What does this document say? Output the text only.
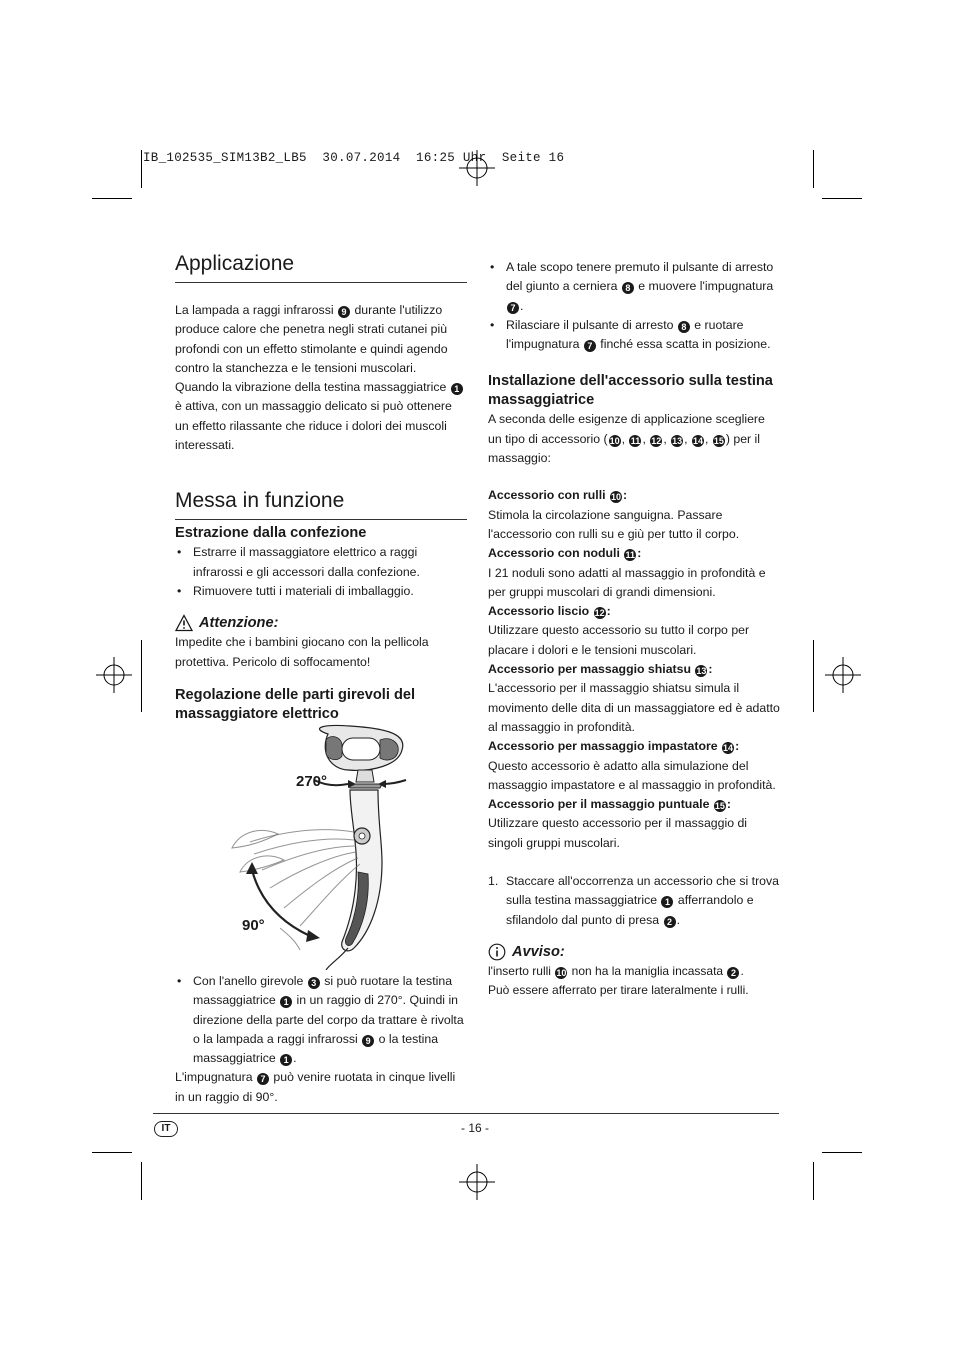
IB_102535_SIM13B2_LB5  30.07.2014  16:25 Uhr  Seite 16
Applicazione

La lampada a raggi infrarossi 9 durante l'utilizzo produce calore che penetra negli strati cutanei più profondi con un effetto stimolante e quindi agendo contro la stanchezza e le tensioni muscolari.

Quando la vibrazione della testina massaggiatrice 1 è attiva, con un massaggio delicato si può ottenere un effetto rilassante che riduce i dolori dei muscoli interessati.

Messa in funzione
Estrazione dalla confezione
• Estrarre il massaggiatore elettrico a raggi infrarossi e gli accessori dalla confezione.
• Rimuovere tutti i materiali di imballaggio.
Attenzione:

Impedite che i bambini giocano con la pellicola protettiva. Pericolo di soffocamento!

Regolazione delle parti girevoli del massaggiatore elettrico
270°
90°
• Con l'anello girevole 3 si può ruotare la testina massaggiatrice 1 in un raggio di 270°. Quindi in direzione della parte del corpo da trattare è rivolta o la lampada a raggi infrarossi 9 o la testina massaggiatrice 1 .

L'impugnatura 7 può venire ruotata in cinque livelli in un raggio di 90°.

• A tale scopo tenere premuto il pulsante di arresto del giunto a cerniera 8 e muovere l'impugnatura 7 .
• Rilasciare il pulsante di arresto 8 e ruotare l'impugnatura 7 finché essa scatta in posizione.
Installazione dell'accessorio sulla testina massaggiatrice

A seconda delle esigenze di applicazione scegliere un tipo di accessorio ( 10 , 11 , 12 , 13 , 14 , 15 ) per il massaggio:

Accessorio con rulli 10 :

Stimola la circolazione sanguigna. Passare l'accessorio con rulli su e giù per tutto il corpo.

Accessorio con noduli 11 :

I 21 noduli sono adatti al massaggio in profondità e per gruppi muscolari di grandi dimensioni.

Accessorio liscio 12 :

Utilizzare questo accessorio su tutto il corpo per placare i dolori e le tensioni muscolari.

Accessorio per massaggio shiatsu 13 :

L'accessorio per il massaggio shiatsu simula il movimento delle dita di un massaggiatore ed è adatto al massaggio in profondità.

Accessorio per massaggio impastatore 14 :

Questo accessorio è adatto alla simulazione del massaggio impastatore e al massaggio in profondità.

Accessorio per il massaggio puntuale 15 :

Utilizzare questo accessorio per il massaggio di singoli gruppi muscolari.

1. Staccare all'occorrenza un accessorio che si trova sulla testina massaggiatrice 1 afferrandolo e sfilandolo dal punto di presa 2 .
Avviso:

l'inserto rulli 10 non ha la maniglia incassata 2 .

Può essere afferrato per tirare lateralmente i rulli.

IT	- 16 -
